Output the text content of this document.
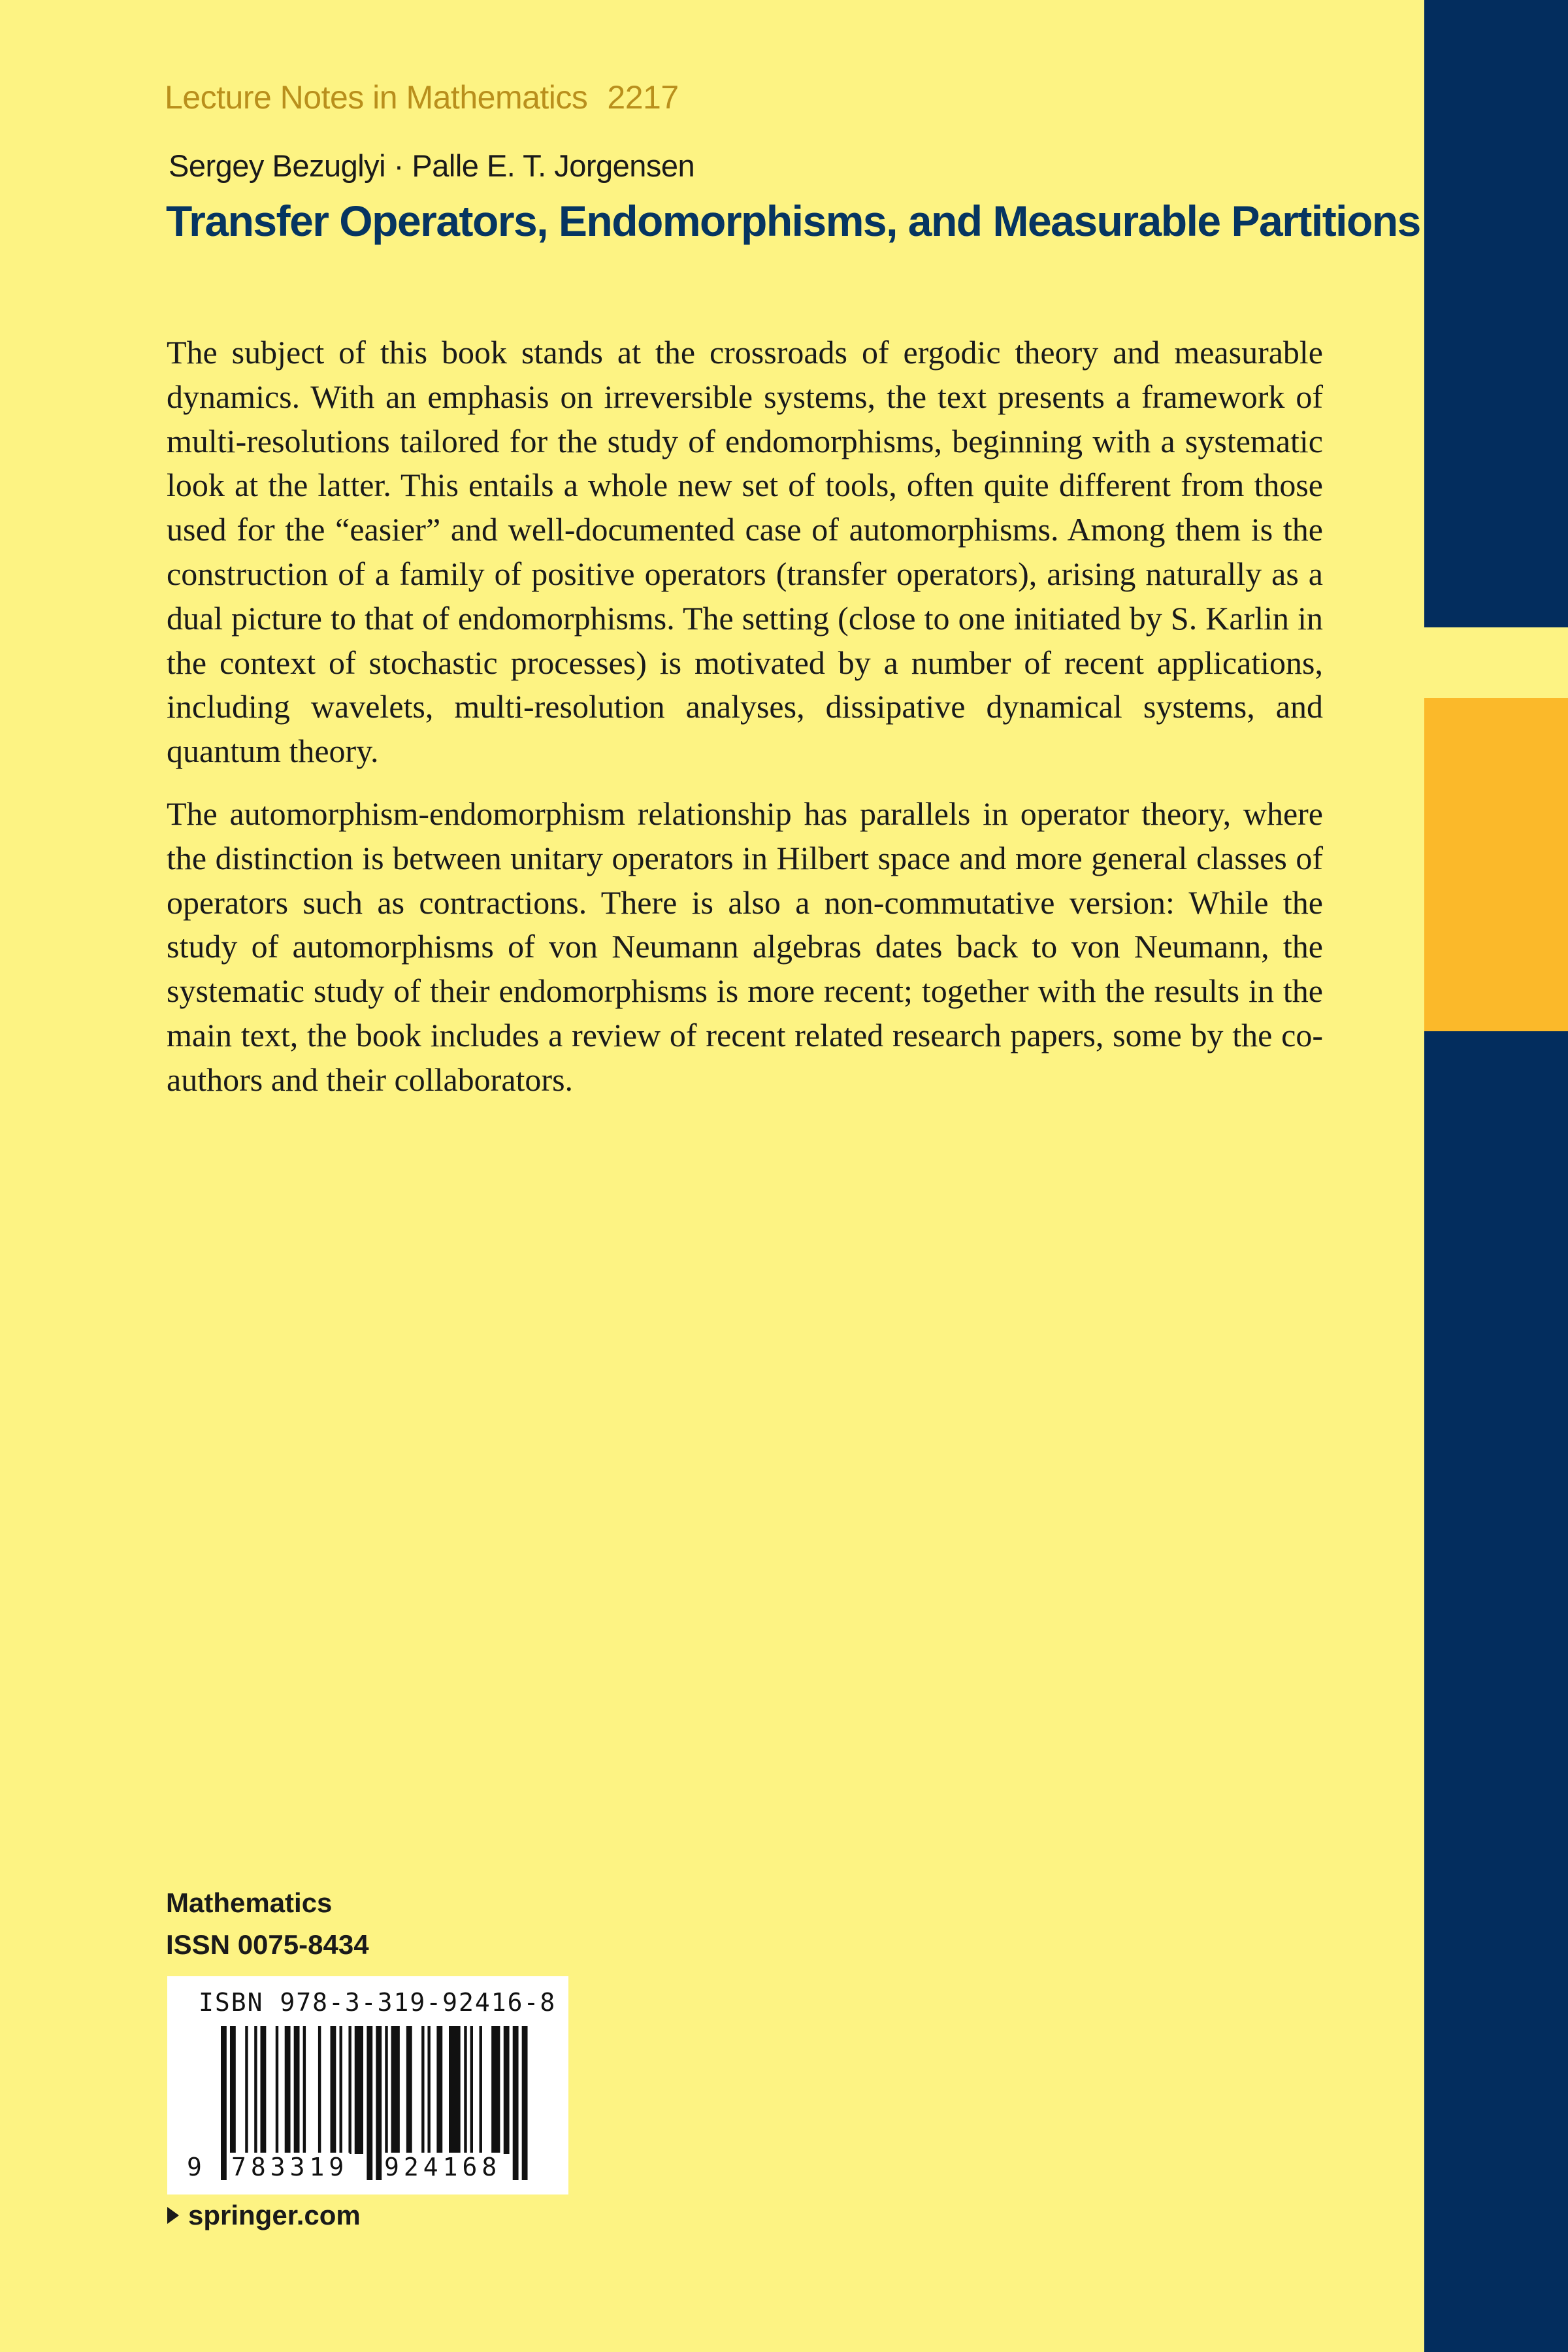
Lecture Notes in Mathematics 2217
Sergey Bezuglyi · Palle E. T. Jorgensen
Transfer Operators, Endomorphisms, and Measurable Partitions

The subject of this book stands at the crossroads of ergodic theory and measurable dynamics. With an emphasis on irreversible systems, the text presents a framework of multi-resolutions tailored for the study of endomorphisms, beginning with a systematic look at the latter. This entails a whole new set of tools, often quite different from those used for the “easier” and well-documented case of automorphisms. Among them is the construction of a family of positive operators (transfer operators), arising naturally as a dual picture to that of endomorphisms. The setting (close to one initiated by S. Karlin in the context of stochastic processes) is motivated by a number of recent applications, including wavelets, multi-resolution analyses, dissipative dynamical systems, and quantum theory.

The automorphism-endomorphism relationship has parallels in operator theory, where the distinction is between unitary operators in Hilbert space and more general classes of operators such as contractions. There is also a non-commutative version: While the study of automorphisms of von Neumann algebras dates back to von Neumann, the systematic study of their endomorphisms is more recent; together with the results in the main text, the book includes a review of recent related research papers, some by the co-authors and their collaborators.

Mathematics
ISSN 0075-8434
ISBN 978-3-319-92416-8
9 783319 924168
springer.com
